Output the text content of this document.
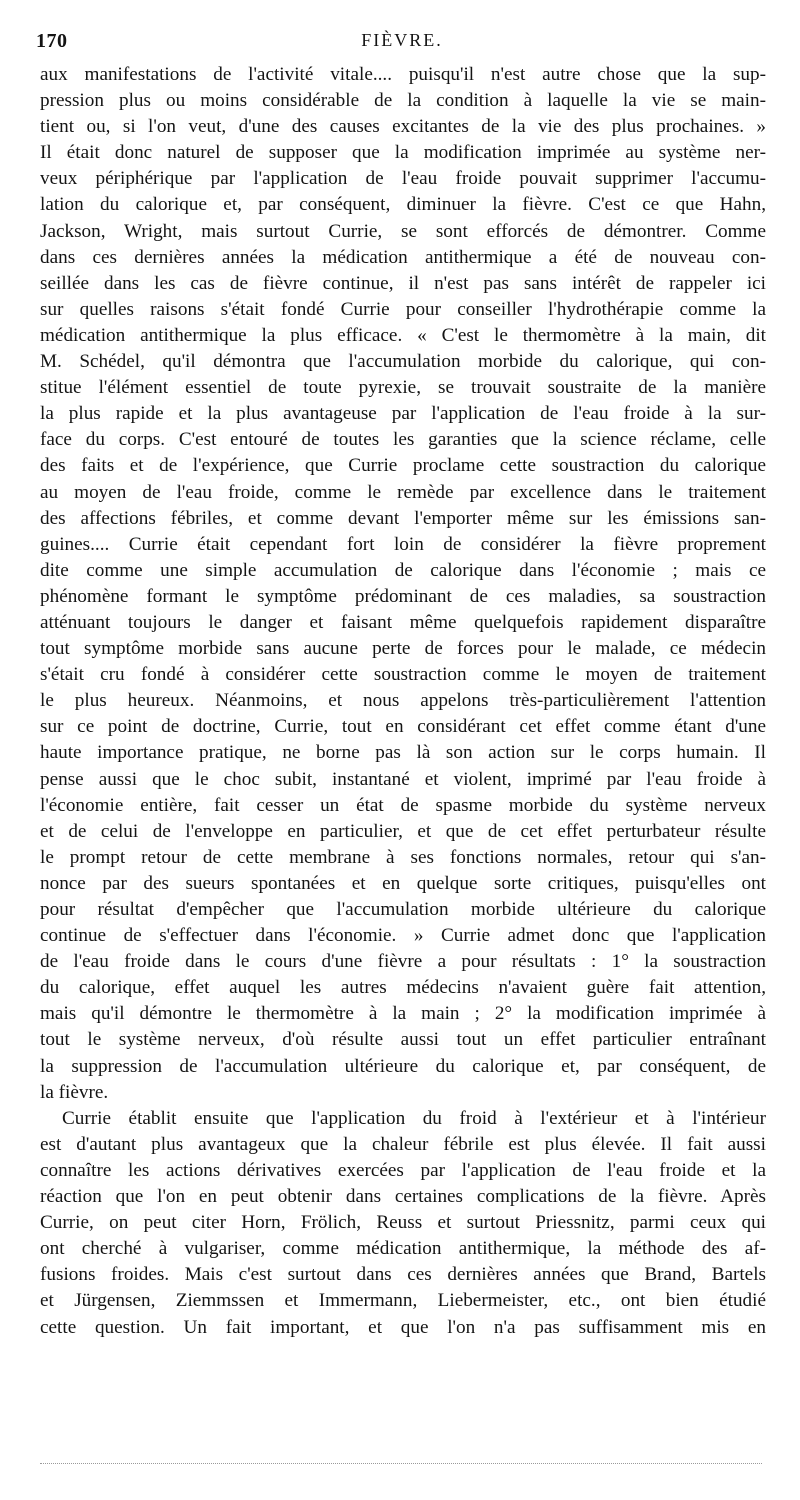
170	FIÈVRE.
aux manifestations de l'activité vitale.... puisqu'il n'est autre chose que la sup-
pression plus ou moins considérable de la condition à laquelle la vie se main-
tient ou, si l'on veut, d'une des causes excitantes de la vie des plus prochaines. »
Il était donc naturel de supposer que la modification imprimée au système ner-
veux périphérique par l'application de l'eau froide pouvait supprimer l'accumu-
lation du calorique et, par conséquent, diminuer la fièvre. C'est ce que Hahn,
Jackson, Wright, mais surtout Currie, se sont efforcés de démontrer. Comme
dans ces dernières années la médication antithermique a été de nouveau con-
seillée dans les cas de fièvre continue, il n'est pas sans intérêt de rappeler ici
sur quelles raisons s'était fondé Currie pour conseiller l'hydrothérapie comme la
médication antithermique la plus efficace. « C'est le thermomètre à la main, dit
M. Schédel, qu'il démontra que l'accumulation morbide du calorique, qui con-
stitue l'élément essentiel de toute pyrexie, se trouvait soustraite de la manière
la plus rapide et la plus avantageuse par l'application de l'eau froide à la sur-
face du corps. C'est entouré de toutes les garanties que la science réclame, celle
des faits et de l'expérience, que Currie proclame cette soustraction du calorique
au moyen de l'eau froide, comme le remède par excellence dans le traitement
des affections fébriles, et comme devant l'emporter même sur les émissions san-
guines.... Currie était cependant fort loin de considérer la fièvre proprement
dite comme une simple accumulation de calorique dans l'économie ; mais ce
phénomène formant le symptôme prédominant de ces maladies, sa soustraction
atténuant toujours le danger et faisant même quelquefois rapidement disparaître
tout symptôme morbide sans aucune perte de forces pour le malade, ce médecin
s'était cru fondé à considérer cette soustraction comme le moyen de traitement
le plus heureux. Néanmoins, et nous appelons très-particulièrement l'attention
sur ce point de doctrine, Currie, tout en considérant cet effet comme étant d'une
haute importance pratique, ne borne pas là son action sur le corps humain. Il
pense aussi que le choc subit, instantané et violent, imprimé par l'eau froide à
l'économie entière, fait cesser un état de spasme morbide du système nerveux
et de celui de l'enveloppe en particulier, et que de cet effet perturbateur résulte
le prompt retour de cette membrane à ses fonctions normales, retour qui s'an-
nonce par des sueurs spontanées et en quelque sorte critiques, puisqu'elles ont
pour résultat d'empêcher que l'accumulation morbide ultérieure du calorique
continue de s'effectuer dans l'économie. » Currie admet donc que l'application
de l'eau froide dans le cours d'une fièvre a pour résultats : 1° la soustraction
du calorique, effet auquel les autres médecins n'avaient guère fait attention,
mais qu'il démontre le thermomètre à la main ; 2° la modification imprimée à
tout le système nerveux, d'où résulte aussi tout un effet particulier entraînant
la suppression de l'accumulation ultérieure du calorique et, par conséquent, de
la fièvre.
Currie établit ensuite que l'application du froid à l'extérieur et à l'intérieur
est d'autant plus avantageux que la chaleur fébrile est plus élevée. Il fait aussi
connaître les actions dérivatives exercées par l'application de l'eau froide et la
réaction que l'on en peut obtenir dans certaines complications de la fièvre. Après
Currie, on peut citer Horn, Frölich, Reuss et surtout Priessnitz, parmi ceux qui
ont cherché à vulgariser, comme médication antithermique, la méthode des af-
fusions froides. Mais c'est surtout dans ces dernières années que Brand, Bartels
et Jürgensen, Ziemmssen et Immermann, Liebermeister, etc., ont bien étudié
cette question. Un fait important, et que l'on n'a pas suffisamment mis en
